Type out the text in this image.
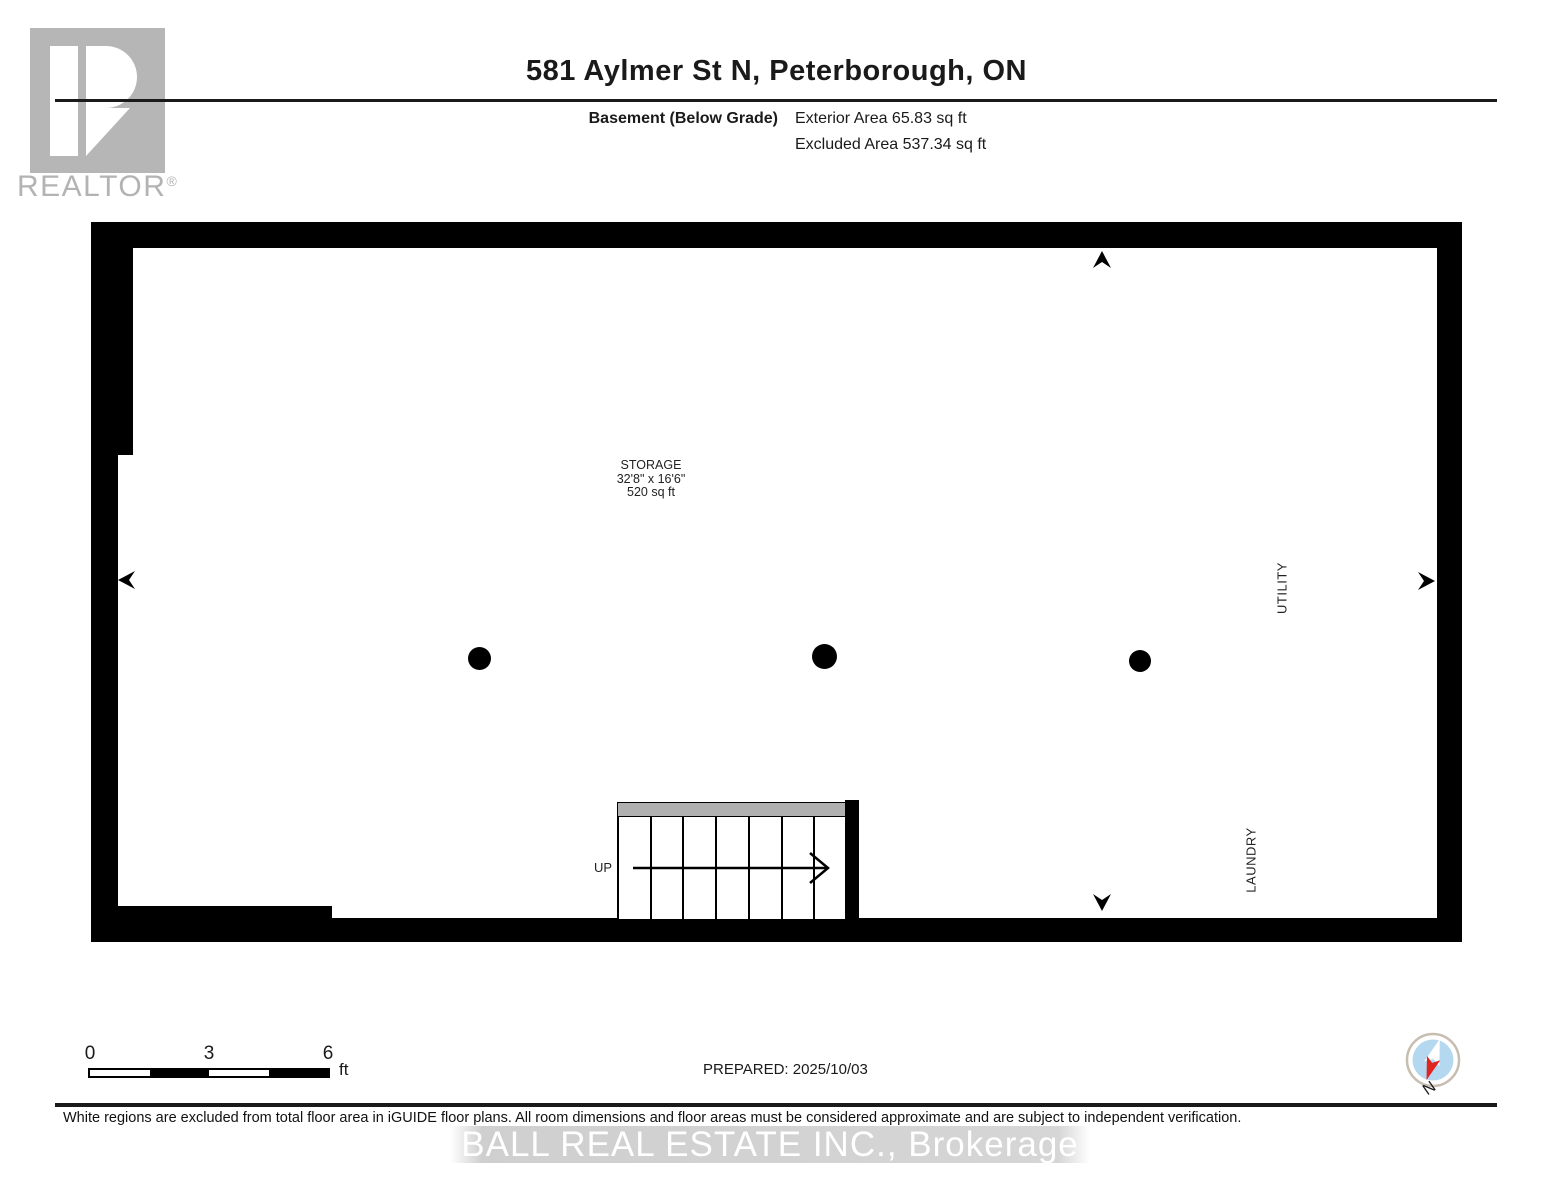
REALTOR®
581 Aylmer St N, Peterborough, ON
Basement (Below Grade) Exterior Area 65.83 sq ft
Excluded Area 537.34 sq ft
STORAGE
32'8" x 16'6"
520 sq ft
UTILITY
LAUNDRY
UP
0	3	6
ft	PREPARED: 2025/10/03
N
White regions are excluded from total floor area in iGUIDE floor plans. All room dimensions and floor areas must be considered approximate and are subject to independent verification.
BALL REAL ESTATE INC., Brokerage
